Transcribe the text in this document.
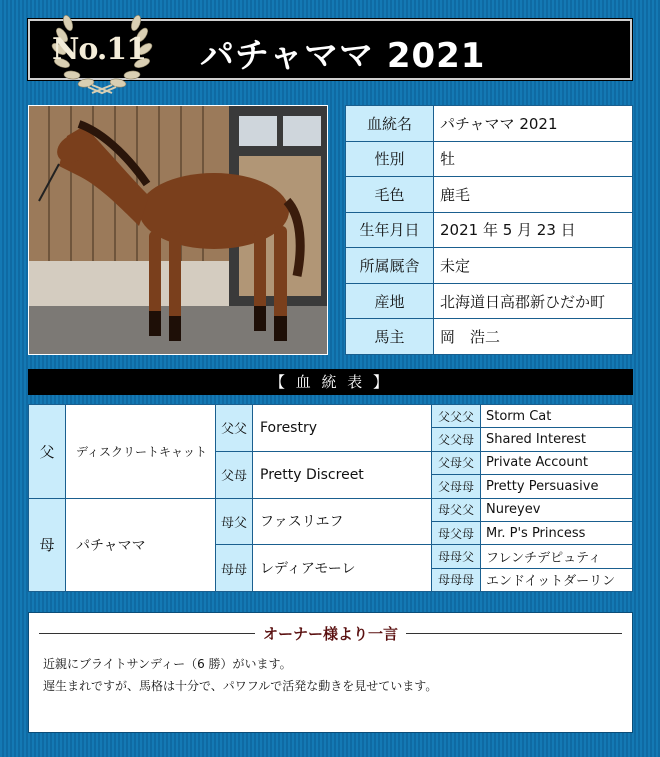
No.11 パチャママ 2021
血統名	パチャママ 2021
性別	牡
毛色	鹿毛
生年月日	2021 年 5 月 23 日
所属厩舎	未定
産地	北海道日高郡新ひだか町
馬主	岡　浩二
【 血 統 表 】
父	ディスクリートキャット	父父	Forestry	父父父	Storm Cat
				父父母	Shared Interest
		父母	Pretty Discreet	父母父	Private Account
				父母母	Pretty Persuasive
母	パチャママ	母父	ファスリエフ	母父父	Nureyev
				母父母	Mr. P's Princess
		母母	レディアモーレ	母母父	フレンチデピュティ
				母母母	エンドイットダーリン
オーナー様より一言
近親にブライトサンディー（6 勝）がいます。
遅生まれですが、馬格は十分で、パワフルで活発な動きを見せています。
